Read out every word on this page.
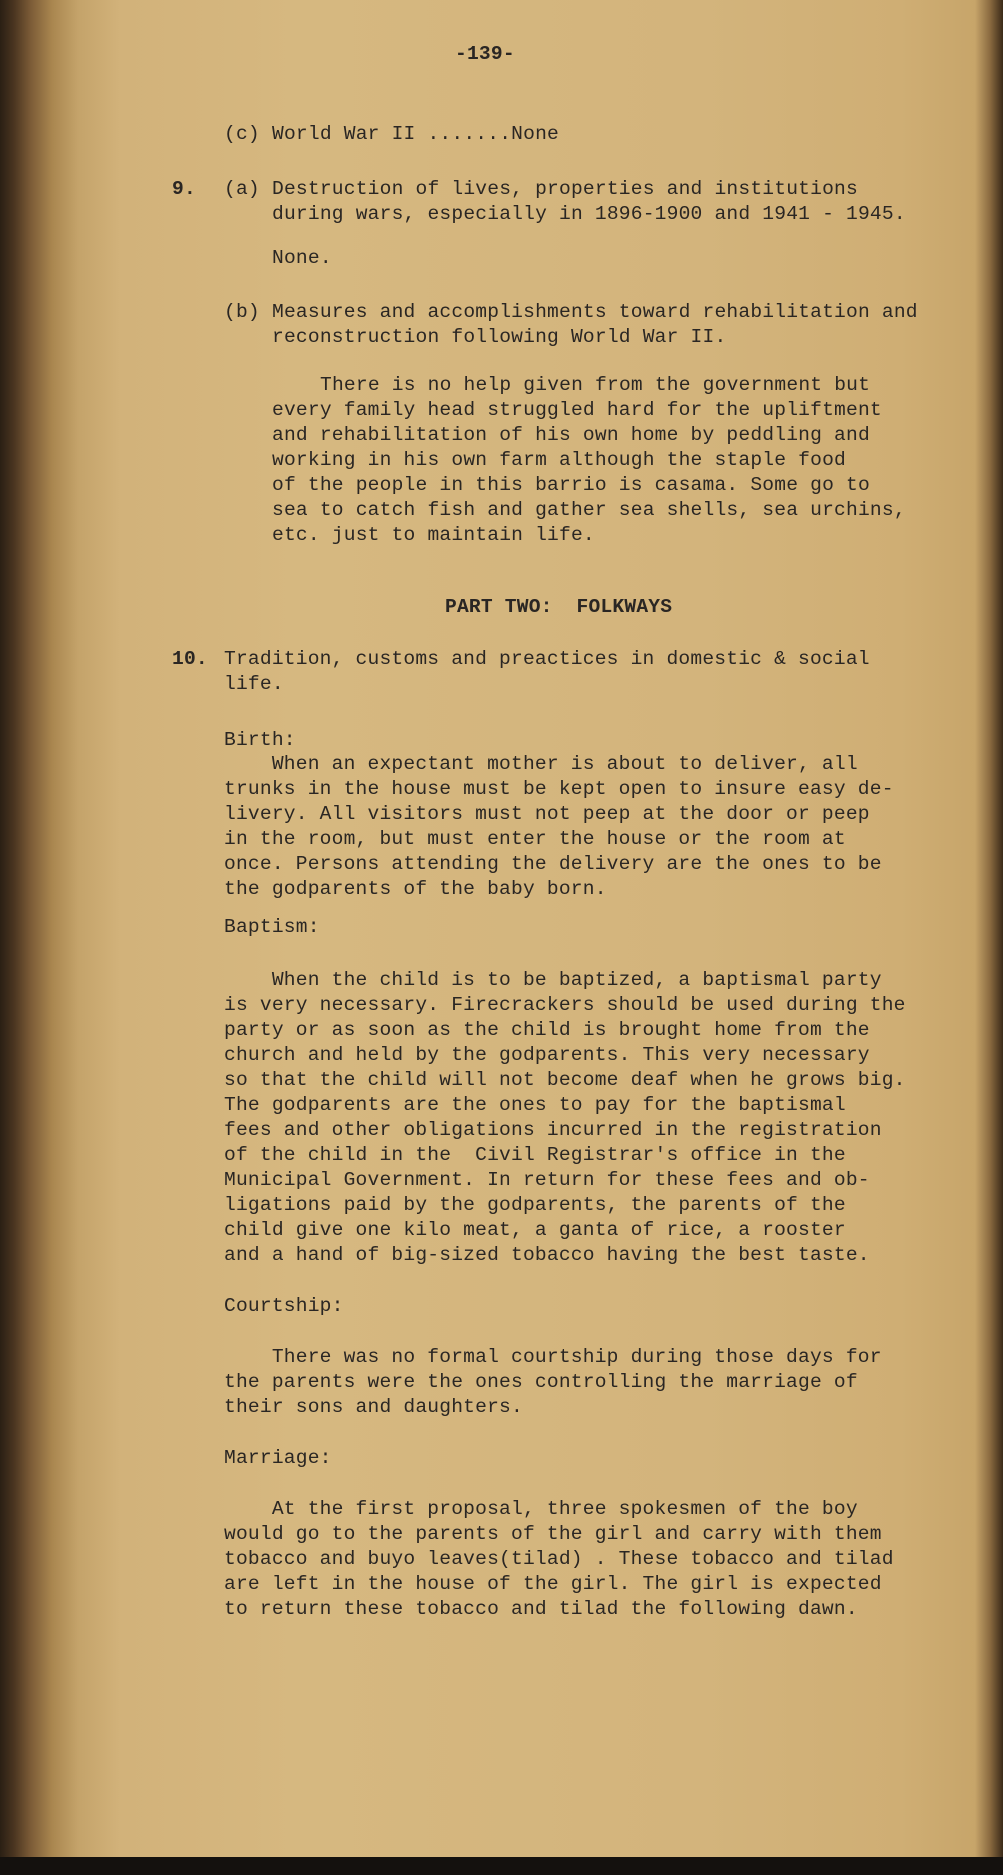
-139-
(c) World War II .......None
9. (a) Destruction of lives, properties and institutions
during wars, especially in 1896-1900 and 1941 - 1945.
None.
(b) Measures and accomplishments toward rehabilitation and
reconstruction following World War II.
There is no help given from the government but
every family head struggled hard for the upliftment
and rehabilitation of his own home by peddling and
working in his own farm although the staple food
of the people in this barrio is casama. Some go to
sea to catch fish and gather sea shells, sea urchins,
etc. just to maintain life.
PART TWO:  FOLKWAYS
10. Tradition, customs and preactices in domestic & social
life.
Birth:
When an expectant mother is about to deliver, all
trunks in the house must be kept open to insure easy de-
livery. All visitors must not peep at the door or peep
in the room, but must enter the house or the room at
once. Persons attending the delivery are the ones to be
the godparents of the baby born.
Baptism:
When the child is to be baptized, a baptismal party
is very necessary. Firecrackers should be used during the
party or as soon as the child is brought home from the
church and held by the godparents. This very necessary
so that the child will not become deaf when he grows big.
The godparents are the ones to pay for the baptismal
fees and other obligations incurred in the registration
of the child in the  Civil Registrar's office in the
Municipal Government. In return for these fees and ob-
ligations paid by the godparents, the parents of the
child give one kilo meat, a ganta of rice, a rooster
and a hand of big-sized tobacco having the best taste.
Courtship:
There was no formal courtship during those days for
the parents were the ones controlling the marriage of
their sons and daughters.
Marriage:
At the first proposal, three spokesmen of the boy
would go to the parents of the girl and carry with them
tobacco and buyo leaves(tilad) . These tobacco and tilad
are left in the house of the girl. The girl is expected
to return these tobacco and tilad the following dawn.
